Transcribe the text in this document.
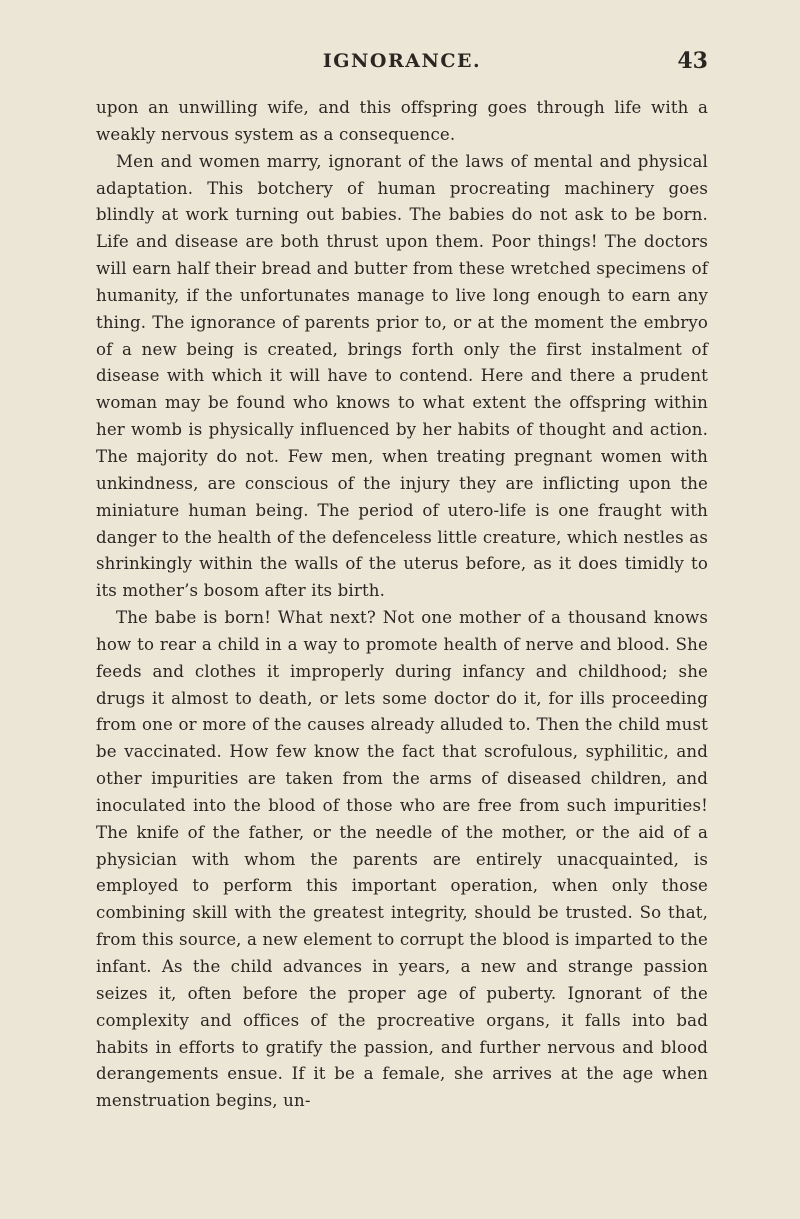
IGNORANCE.	43

upon an unwilling wife, and this offspring goes through life with a weakly nervous system as a consequence.

Men and women marry, ignorant of the laws of mental and physical adaptation. This botchery of human procreating machinery goes blindly at work turning out babies. The babies do not ask to be born. Life and disease are both thrust upon them. Poor things! The doctors will earn half their bread and butter from these wretched specimens of humanity, if the unfortunates manage to live long enough to earn any thing. The ignorance of parents prior to, or at the moment the embryo of a new being is created, brings forth only the first instalment of disease with which it will have to contend. Here and there a prudent woman may be found who knows to what extent the offspring within her womb is physically influenced by her habits of thought and action. The majority do not. Few men, when treating pregnant women with unkindness, are conscious of the injury they are inflicting upon the miniature human being. The period of utero-life is one fraught with danger to the health of the defenceless little creature, which nestles as shrinkingly within the walls of the uterus before, as it does timidly to its mother’s bosom after its birth.

The babe is born! What next? Not one mother of a thousand knows how to rear a child in a way to promote health of nerve and blood. She feeds and clothes it improperly during infancy and childhood; she drugs it almost to death, or lets some doctor do it, for ills proceeding from one or more of the causes already alluded to. Then the child must be vaccinated. How few know the fact that scrofulous, syphilitic, and other impurities are taken from the arms of diseased children, and inoculated into the blood of those who are free from such impurities! The knife of the father, or the needle of the mother, or the aid of a physician with whom the parents are entirely unacquainted, is employed to perform this important operation, when only those combining skill with the greatest integrity, should be trusted. So that, from this source, a new element to corrupt the blood is imparted to the infant. As the child advances in years, a new and strange passion seizes it, often before the proper age of puberty. Ignorant of the complexity and offices of the procreative organs, it falls into bad habits in efforts to gratify the passion, and further nervous and blood derangements ensue. If it be a female, she arrives at the age when menstruation begins, un-
